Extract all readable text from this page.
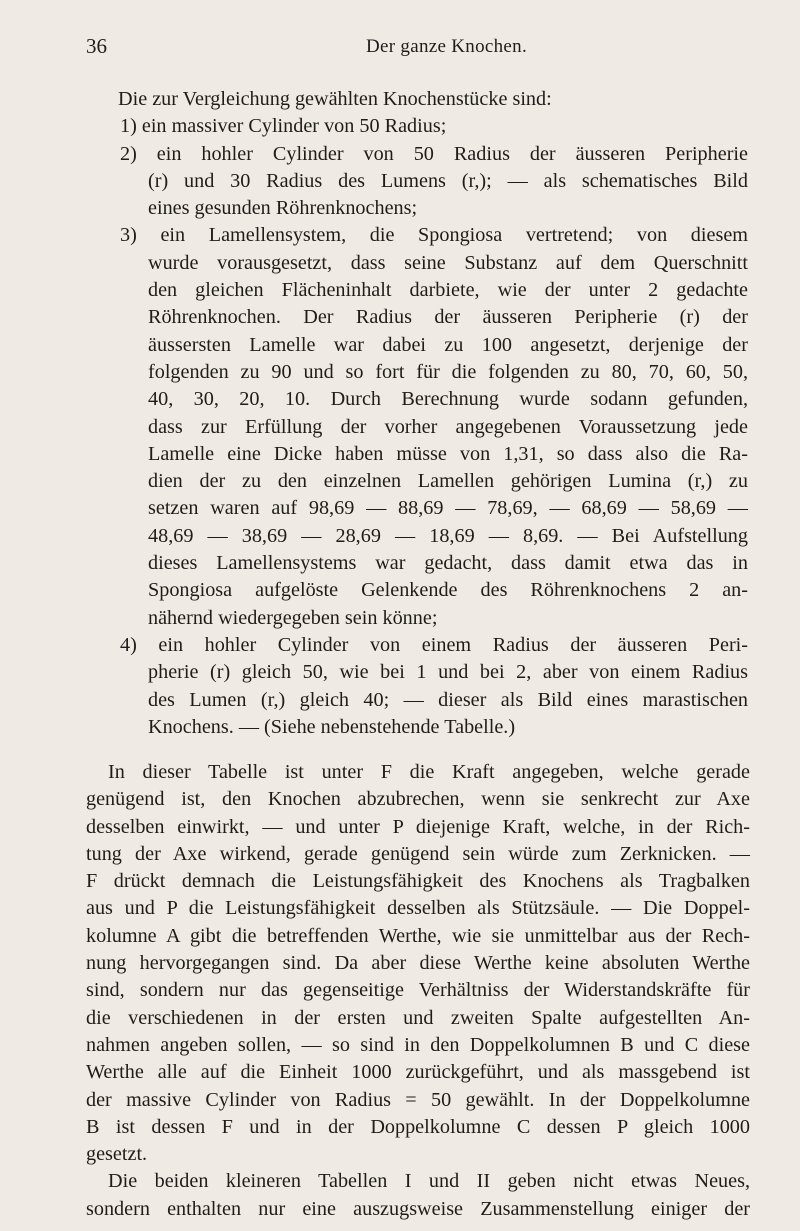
36	Der ganze Knochen.
Die zur Vergleichung gewählten Knochenstücke sind:
1) ein massiver Cylinder von 50 Radius;
2) ein hohler Cylinder von 50 Radius der äusseren Peripherie
(r) und 30 Radius des Lumens (r,); — als schematisches Bild
eines gesunden Röhrenknochens;
3) ein Lamellensystem, die Spongiosa vertretend; von diesem
wurde vorausgesetzt, dass seine Substanz auf dem Querschnitt
den gleichen Flächeninhalt darbiete, wie der unter 2 gedachte
Röhrenknochen. Der Radius der äusseren Peripherie (r) der
äussersten Lamelle war dabei zu 100 angesetzt, derjenige der
folgenden zu 90 und so fort für die folgenden zu 80, 70, 60, 50,
40, 30, 20, 10. Durch Berechnung wurde sodann gefunden,
dass zur Erfüllung der vorher angegebenen Voraussetzung jede
Lamelle eine Dicke haben müsse von 1,31, so dass also die Ra-
dien der zu den einzelnen Lamellen gehörigen Lumina (r,) zu
setzen waren auf 98,69 — 88,69 — 78,69, — 68,69 — 58,69 —
48,69 — 38,69 — 28,69 — 18,69 — 8,69. — Bei Aufstellung
dieses Lamellensystems war gedacht, dass damit etwa das in
Spongiosa aufgelöste Gelenkende des Röhrenknochens 2 an-
nähernd wiedergegeben sein könne;
4) ein hohler Cylinder von einem Radius der äusseren Peri-
pherie (r) gleich 50, wie bei 1 und bei 2, aber von einem Radius
des Lumen (r,) gleich 40; — dieser als Bild eines marastischen
Knochens. — (Siehe nebenstehende Tabelle.)
In dieser Tabelle ist unter F die Kraft angegeben, welche gerade
genügend ist, den Knochen abzubrechen, wenn sie senkrecht zur Axe
desselben einwirkt, — und unter P diejenige Kraft, welche, in der Rich-
tung der Axe wirkend, gerade genügend sein würde zum Zerknicken. —
F drückt demnach die Leistungsfähigkeit des Knochens als Tragbalken
aus und P die Leistungsfähigkeit desselben als Stützsäule. — Die Doppel-
kolumne A gibt die betreffenden Werthe, wie sie unmittelbar aus der Rech-
nung hervorgegangen sind. Da aber diese Werthe keine absoluten Werthe
sind, sondern nur das gegenseitige Verhältniss der Widerstandskräfte für
die verschiedenen in der ersten und zweiten Spalte aufgestellten An-
nahmen angeben sollen, — so sind in den Doppelkolumnen B und C diese
Werthe alle auf die Einheit 1000 zurückgeführt, und als massgebend ist
der massive Cylinder von Radius = 50 gewählt. In der Doppelkolumne
B ist dessen F und in der Doppelkolumne C dessen P gleich 1000
gesetzt.
Die beiden kleineren Tabellen I und II geben nicht etwas Neues,
sondern enthalten nur eine auszugsweise Zusammenstellung einiger der
